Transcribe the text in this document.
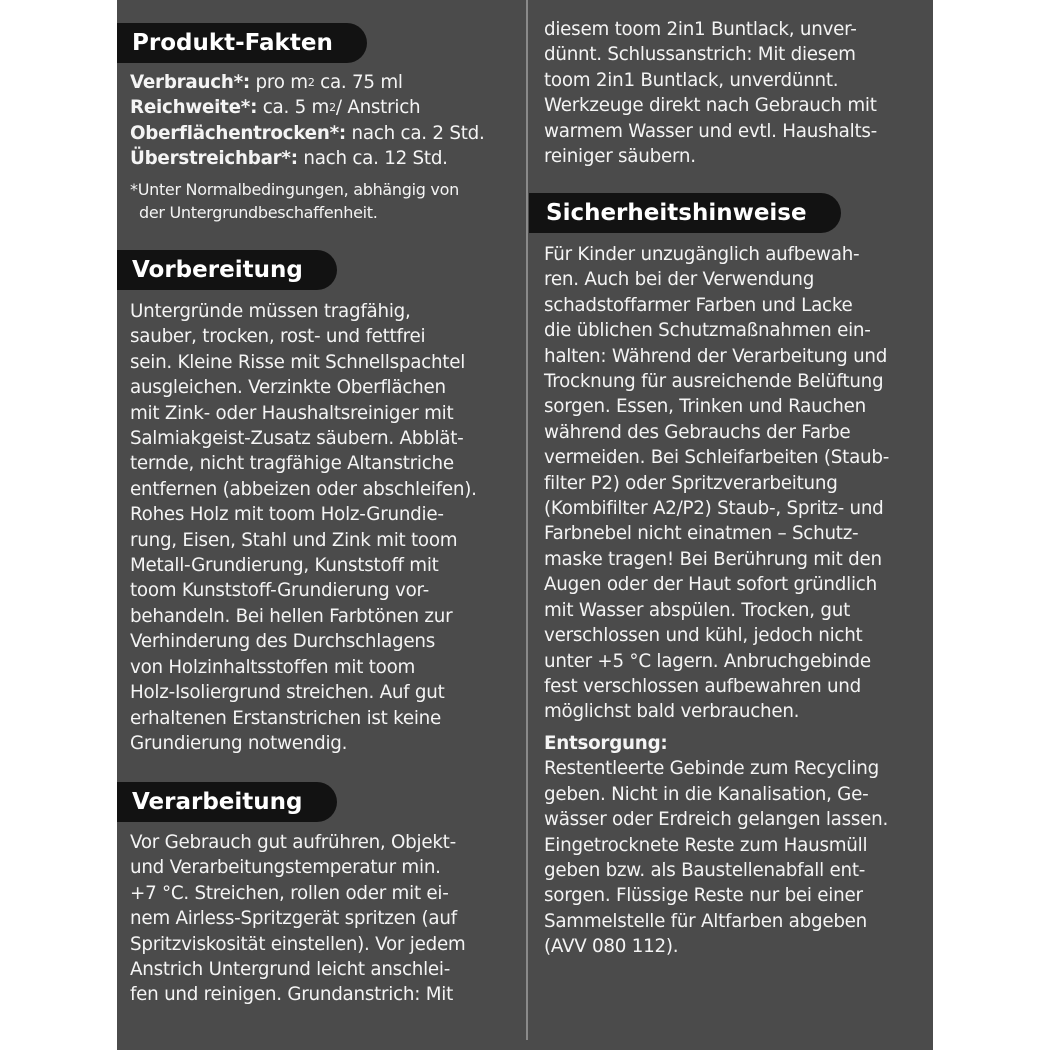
Produkt-Fakten
Verbrauch*: pro $m^2$ ca. 75 ml
Reichweite*: ca. 5 $m^2/$ Anstrich
Oberflächentrocken*: nach ca. 2 Std.
Überstreichbar*: nach ca. 12 Std.
*Unter Normalbedingungen, abhängig von
der Untergrundbeschaffenheit.
Vorbereitung
Untergründe müssen tragfähig,
sauber, trocken, rost- und fettfrei
sein. Kleine Risse mit Schnellspachtel
ausgleichen. Verzinkte Oberflächen
mit Zink- oder Haushaltsreiniger mit
Salmiakgeist-Zusatz säubern. Abblät-
ternde, nicht tragfähige Altanstriche
entfernen (abbeizen oder abschleifen).
Rohes Holz mit toom Holz-Grundie-
rung, Eisen, Stahl und Zink mit toom
Metall-Grundierung, Kunststoff mit
toom Kunststoff-Grundierung vor-
behandeln. Bei hellen Farbtönen zur
Verhinderung des Durchschlagens
von Holzinhaltsstoffen mit toom
Holz-Isoliergrund streichen. Auf gut
erhaltenen Erstanstrichen ist keine
Grundierung notwendig.
Verarbeitung
Vor Gebrauch gut aufrühren, Objekt-
und Verarbeitungstemperatur min.
+7 °C. Streichen, rollen oder mit ei-
nem Airless-Spritzgerät spritzen (auf
Spritzviskosität einstellen). Vor jedem
Anstrich Untergrund leicht anschlei-
fen und reinigen. Grundanstrich: Mit
diesem toom 2in1 Buntlack, unver-
dünnt. Schlussanstrich: Mit diesem
toom 2in1 Buntlack, unverdünnt.
Werkzeuge direkt nach Gebrauch mit
warmem Wasser und evtl. Haushalts-
reiniger säubern.
Sicherheitshinweise
Für Kinder unzugänglich aufbewah-
ren. Auch bei der Verwendung
schadstoffarmer Farben und Lacke
die üblichen Schutzmaßnahmen ein-
halten: Während der Verarbeitung und
Trocknung für ausreichende Belüftung
sorgen. Essen, Trinken und Rauchen
während des Gebrauchs der Farbe
vermeiden. Bei Schleifarbeiten (Staub-
filter P2) oder Spritzverarbeitung
(Kombifilter A2/P2) Staub-, Spritz- und
Farbnebel nicht einatmen – Schutz-
maske tragen! Bei Berührung mit den
Augen oder der Haut sofort gründlich
mit Wasser abspülen. Trocken, gut
verschlossen und kühl, jedoch nicht
unter +5 °C lagern. Anbruchgebinde
fest verschlossen aufbewahren und
möglichst bald verbrauchen.
Entsorgung:
Restentleerte Gebinde zum Recycling
geben. Nicht in die Kanalisation, Ge-
wässer oder Erdreich gelangen lassen.
Eingetrocknete Reste zum Hausmüll
geben bzw. als Baustellenabfall ent-
sorgen. Flüssige Reste nur bei einer
Sammelstelle für Altfarben abgeben
(AVV 080 112).
